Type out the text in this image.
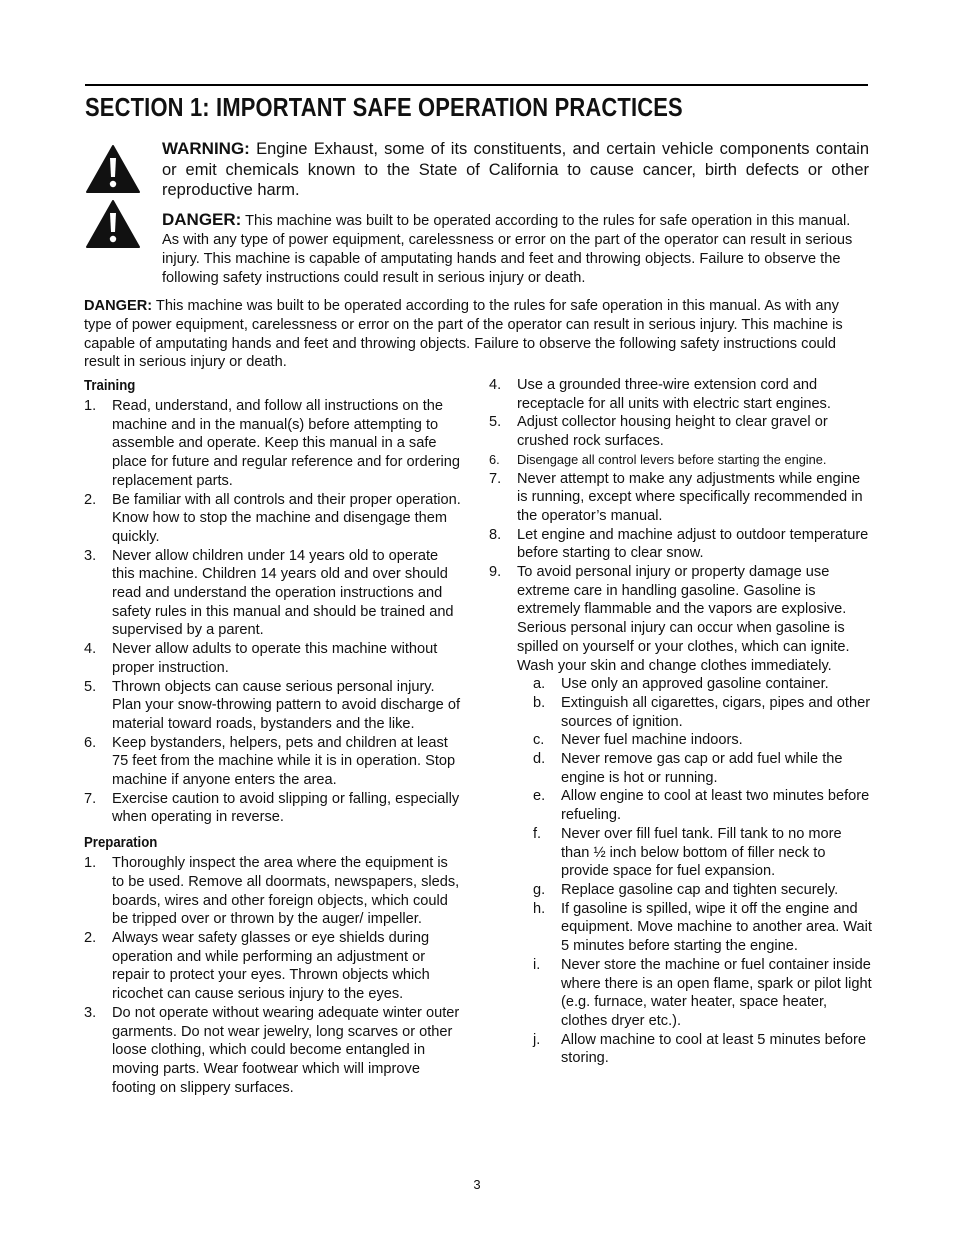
SECTION 1: IMPORTANT SAFE OPERATION PRACTICES
WARNING: Engine Exhaust, some of its constituents, and certain vehicle components contain or emit chemicals known to the State of California to cause cancer, birth defects or other reproductive harm.
DANGER: This machine was built to be operated according to the rules for safe operation in this manual. As with any type of power equipment, carelessness or error on the part of the operator can result in serious injury. This machine is capable of amputating hands and feet and throwing objects. Failure to observe the following safety instructions could result in serious injury or death.
DANGER: This machine was built to be operated according to the rules for safe operation in this manual. As with any type of power equipment, carelessness or error on the part of the operator can result in serious injury. This machine is capable of amputating hands and feet and throwing objects. Failure to observe the following safety instructions could result in serious injury or death.
Training
1. Read, understand, and follow all instructions on the machine and in the manual(s) before attempting to assemble and operate. Keep this manual in a safe place for future and regular reference and for ordering replacement parts.
2. Be familiar with all controls and their proper operation. Know how to stop the machine and disengage them quickly.
3. Never allow children under 14 years old to operate this machine. Children 14 years old and over should read and understand the operation instructions and safety rules in this manual and should be trained and supervised by a parent.
4. Never allow adults to operate this machine without proper instruction.
5. Thrown objects can cause serious personal injury. Plan your snow-throwing pattern to avoid discharge of material toward roads, bystanders and the like.
6. Keep bystanders, helpers, pets and children at least 75 feet from the machine while it is in operation. Stop machine if anyone enters the area.
7. Exercise caution to avoid slipping or falling, especially when operating in reverse.
Preparation
1. Thoroughly inspect the area where the equipment is to be used. Remove all doormats, newspapers, sleds, boards, wires and other foreign objects, which could be tripped over or thrown by the auger/ impeller.
2. Always wear safety glasses or eye shields during operation and while performing an adjustment or repair to protect your eyes. Thrown objects which ricochet can cause serious injury to the eyes.
3. Do not operate without wearing adequate winter outer garments. Do not wear jewelry, long scarves or other loose clothing, which could become entangled in moving parts. Wear footwear which will improve footing on slippery surfaces.
4. Use a grounded three-wire extension cord and receptacle for all units with electric start engines.
5. Adjust collector housing height to clear gravel or crushed rock surfaces.
6. Disengage all control levers before starting the engine.
7. Never attempt to make any adjustments while engine is running, except where specifically recommended in the operator’s manual.
8. Let engine and machine adjust to outdoor temperature before starting to clear snow.
9. To avoid personal injury or property damage use extreme care in handling gasoline. Gasoline is extremely flammable and the vapors are explosive. Serious personal injury can occur when gasoline is spilled on yourself or your clothes, which can ignite. Wash your skin and change clothes immediately.
a. Use only an approved gasoline container.
b. Extinguish all cigarettes, cigars, pipes and other sources of ignition.
c. Never fuel machine indoors.
d. Never remove gas cap or add fuel while the engine is hot or running.
e. Allow engine to cool at least two minutes before refueling.
f. Never over fill fuel tank. Fill tank to no more than ½ inch below bottom of filler neck to provide space for fuel expansion.
g. Replace gasoline cap and tighten securely.
h. If gasoline is spilled, wipe it off the engine and equipment. Move machine to another area. Wait 5 minutes before starting the engine.
i. Never store the machine or fuel container inside where there is an open flame, spark or pilot light (e.g. furnace, water heater, space heater, clothes dryer etc.).
j. Allow machine to cool at least 5 minutes before storing.
3
